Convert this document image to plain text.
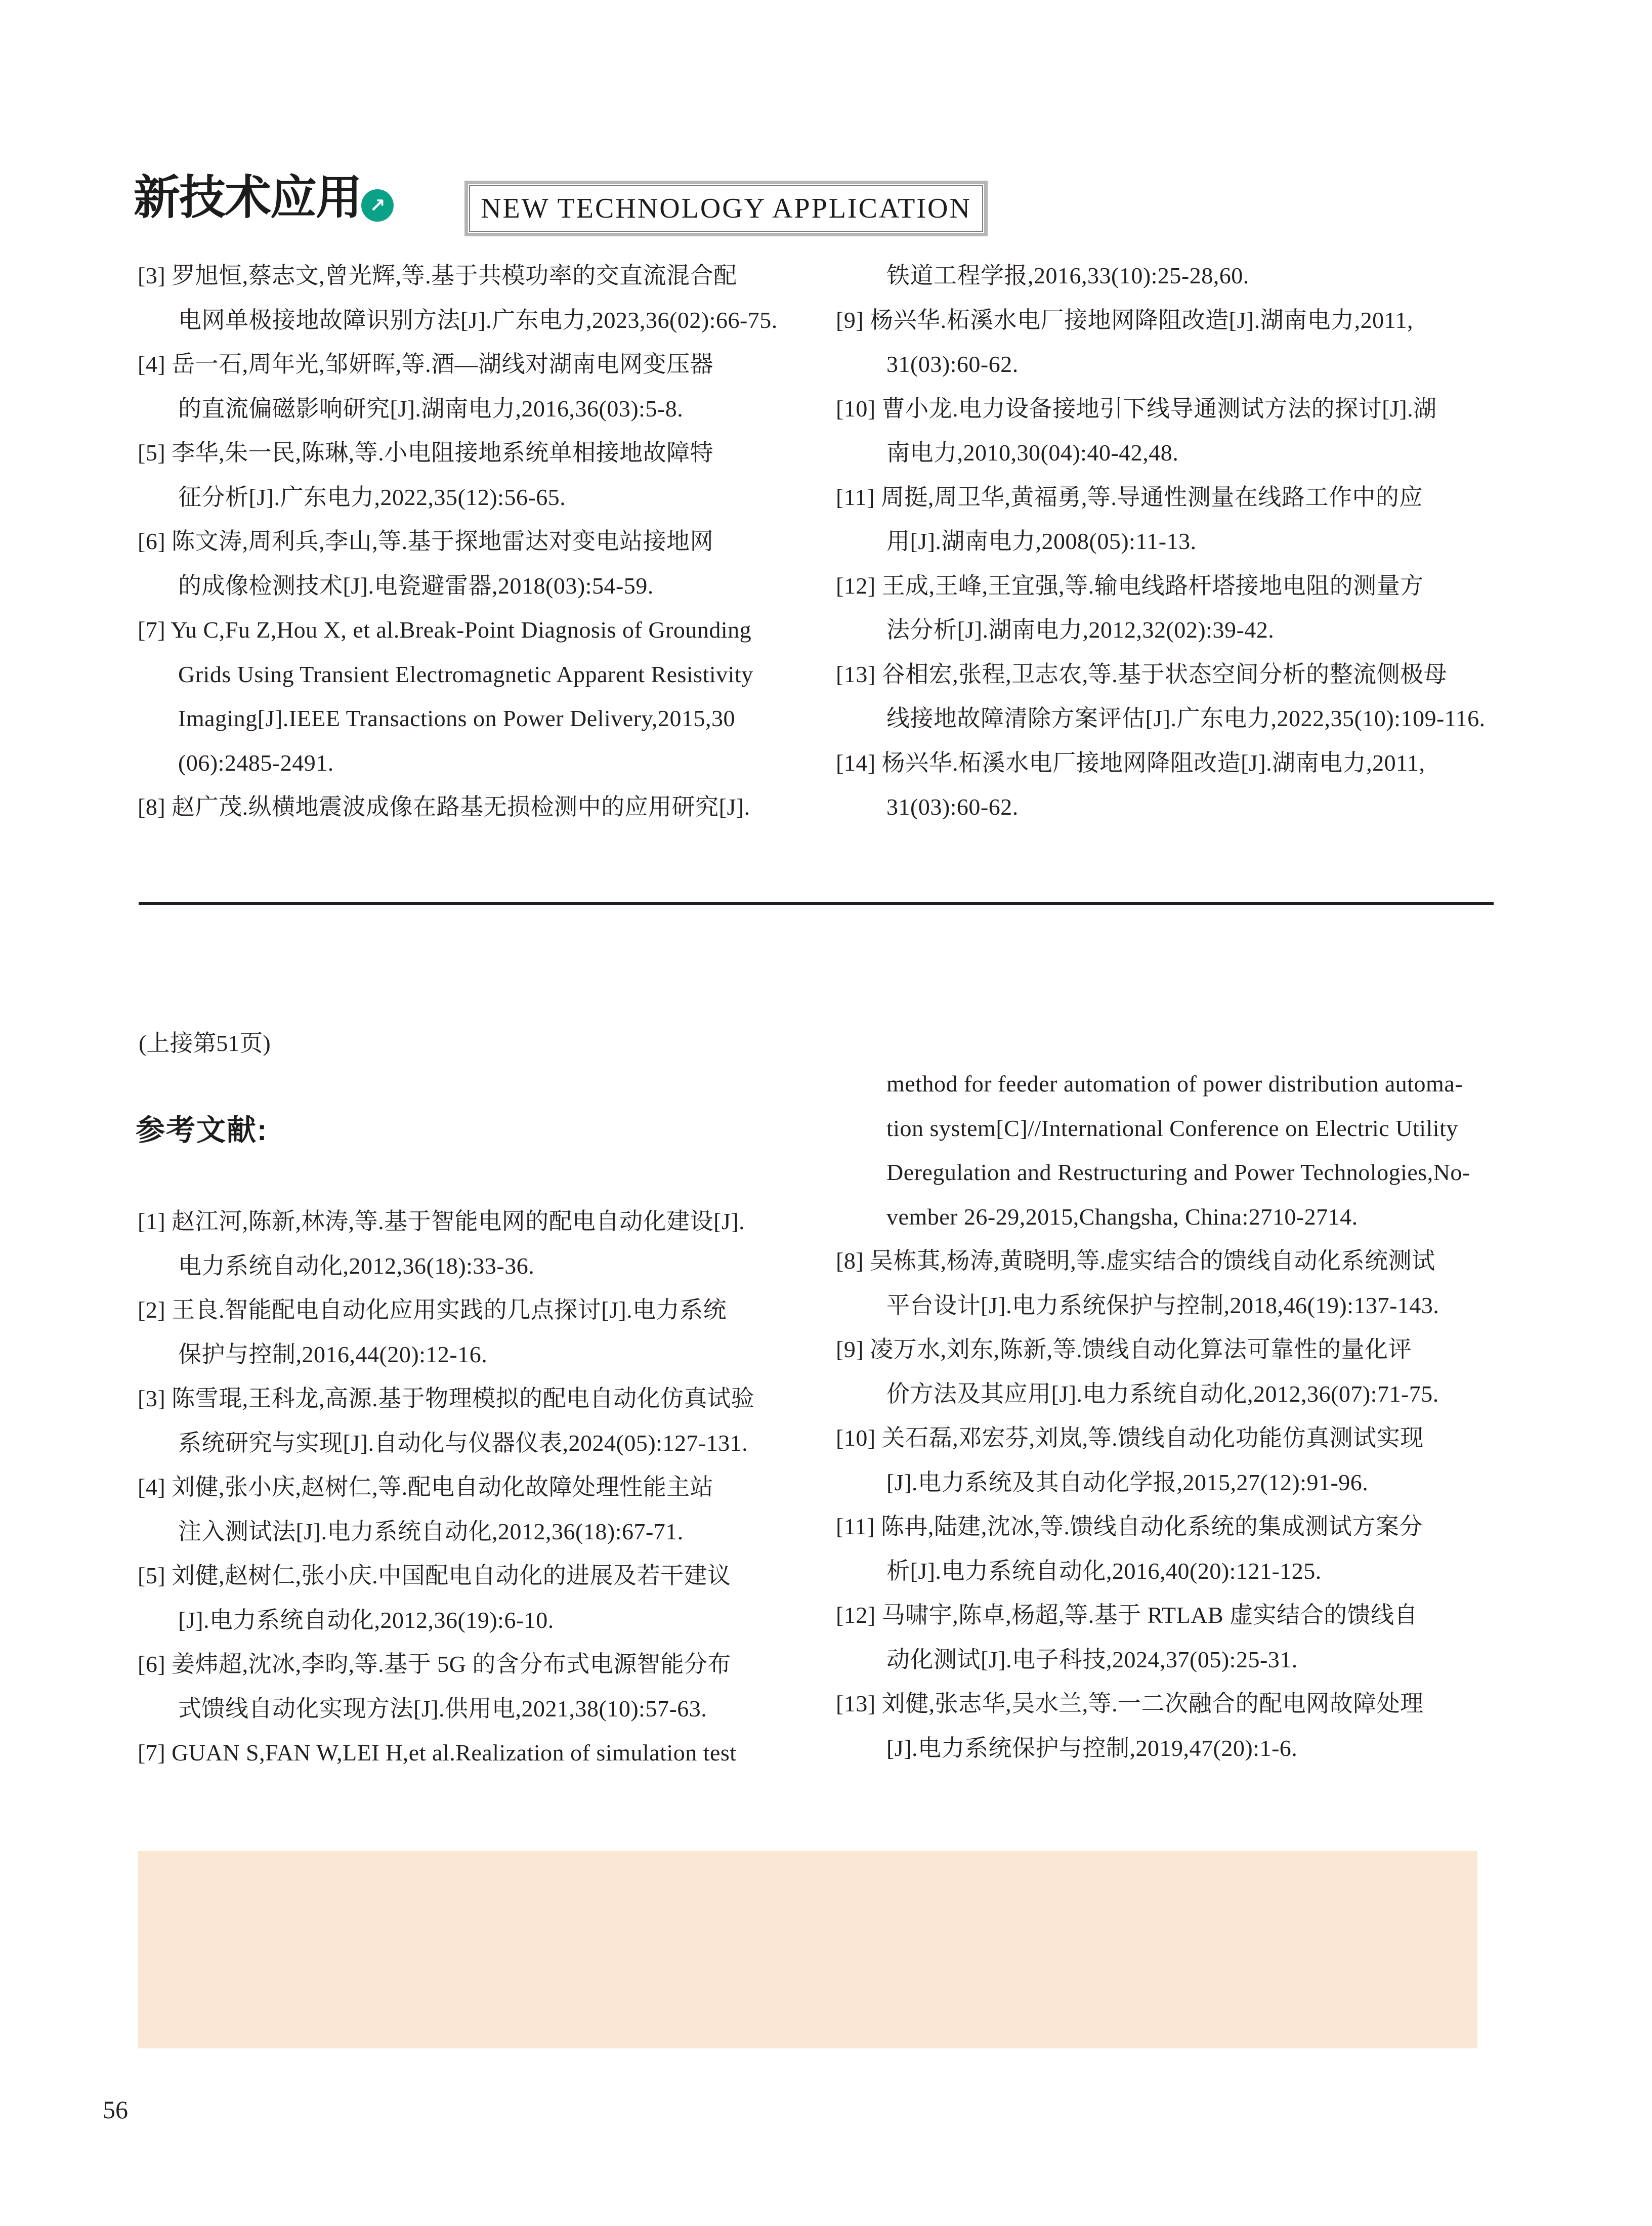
新技术应用 ↗	NEW TECHNOLOGY APPLICATION
[3] 罗旭恒,蔡志文,曾光辉,等.基于共模功率的交直流混合配
电网单极接地故障识别方法[J].广东电力,2023,36(02):66-75.
[4] 岳一石,周年光,邹妍晖,等.酒—湖线对湖南电网变压器
的直流偏磁影响研究[J].湖南电力,2016,36(03):5-8.
[5] 李华,朱一民,陈琳,等.小电阻接地系统单相接地故障特
征分析[J].广东电力,2022,35(12):56-65.
[6] 陈文涛,周利兵,李山,等.基于探地雷达对变电站接地网
的成像检测技术[J].电瓷避雷器,2018(03):54-59.
[7] Yu C,Fu Z,Hou X, et al.Break-Point Diagnosis of Grounding
Grids Using Transient Electromagnetic Apparent Resistivity
Imaging[J].IEEE Transactions on Power Delivery,2015,30
(06):2485-2491.
[8] 赵广茂.纵横地震波成像在路基无损检测中的应用研究[J].
铁道工程学报,2016,33(10):25-28,60.
[9] 杨兴华.柘溪水电厂接地网降阻改造[J].湖南电力,2011,
31(03):60-62.
[10] 曹小龙.电力设备接地引下线导通测试方法的探讨[J].湖
南电力,2010,30(04):40-42,48.
[11] 周挺,周卫华,黄福勇,等.导通性测量在线路工作中的应
用[J].湖南电力,2008(05):11-13.
[12] 王成,王峰,王宜强,等.输电线路杆塔接地电阻的测量方
法分析[J].湖南电力,2012,32(02):39-42.
[13] 谷相宏,张程,卫志农,等.基于状态空间分析的整流侧极母
线接地故障清除方案评估[J].广东电力,2022,35(10):109-116.
[14] 杨兴华.柘溪水电厂接地网降阻改造[J].湖南电力,2011,
31(03):60-62.
(上接第51页)
参考文献:
[1] 赵江河,陈新,林涛,等.基于智能电网的配电自动化建设[J].
电力系统自动化,2012,36(18):33-36.
[2] 王良.智能配电自动化应用实践的几点探讨[J].电力系统
保护与控制,2016,44(20):12-16.
[3] 陈雪琨,王科龙,高源.基于物理模拟的配电自动化仿真试验
系统研究与实现[J].自动化与仪器仪表,2024(05):127-131.
[4] 刘健,张小庆,赵树仁,等.配电自动化故障处理性能主站
注入测试法[J].电力系统自动化,2012,36(18):67-71.
[5] 刘健,赵树仁,张小庆.中国配电自动化的进展及若干建议
[J].电力系统自动化,2012,36(19):6-10.
[6] 姜炜超,沈冰,李昀,等.基于 5G 的含分布式电源智能分布
式馈线自动化实现方法[J].供用电,2021,38(10):57-63.
[7] GUAN S,FAN W,LEI H,et al.Realization of simulation test
method for feeder automation of power distribution automa-
tion system[C]//International Conference on Electric Utility
Deregulation and Restructuring and Power Technologies,No-
vember 26-29,2015,Changsha, China:2710-2714.
[8] 吴栋萁,杨涛,黄晓明,等.虚实结合的馈线自动化系统测试
平台设计[J].电力系统保护与控制,2018,46(19):137-143.
[9] 凌万水,刘东,陈新,等.馈线自动化算法可靠性的量化评
价方法及其应用[J].电力系统自动化,2012,36(07):71-75.
[10] 关石磊,邓宏芬,刘岚,等.馈线自动化功能仿真测试实现
[J].电力系统及其自动化学报,2015,27(12):91-96.
[11] 陈冉,陆建,沈冰,等.馈线自动化系统的集成测试方案分
析[J].电力系统自动化,2016,40(20):121-125.
[12] 马啸宇,陈卓,杨超,等.基于 RTLAB 虚实结合的馈线自
动化测试[J].电子科技,2024,37(05):25-31.
[13] 刘健,张志华,吴水兰,等.一二次融合的配电网故障处理
[J].电力系统保护与控制,2019,47(20):1-6.
56
